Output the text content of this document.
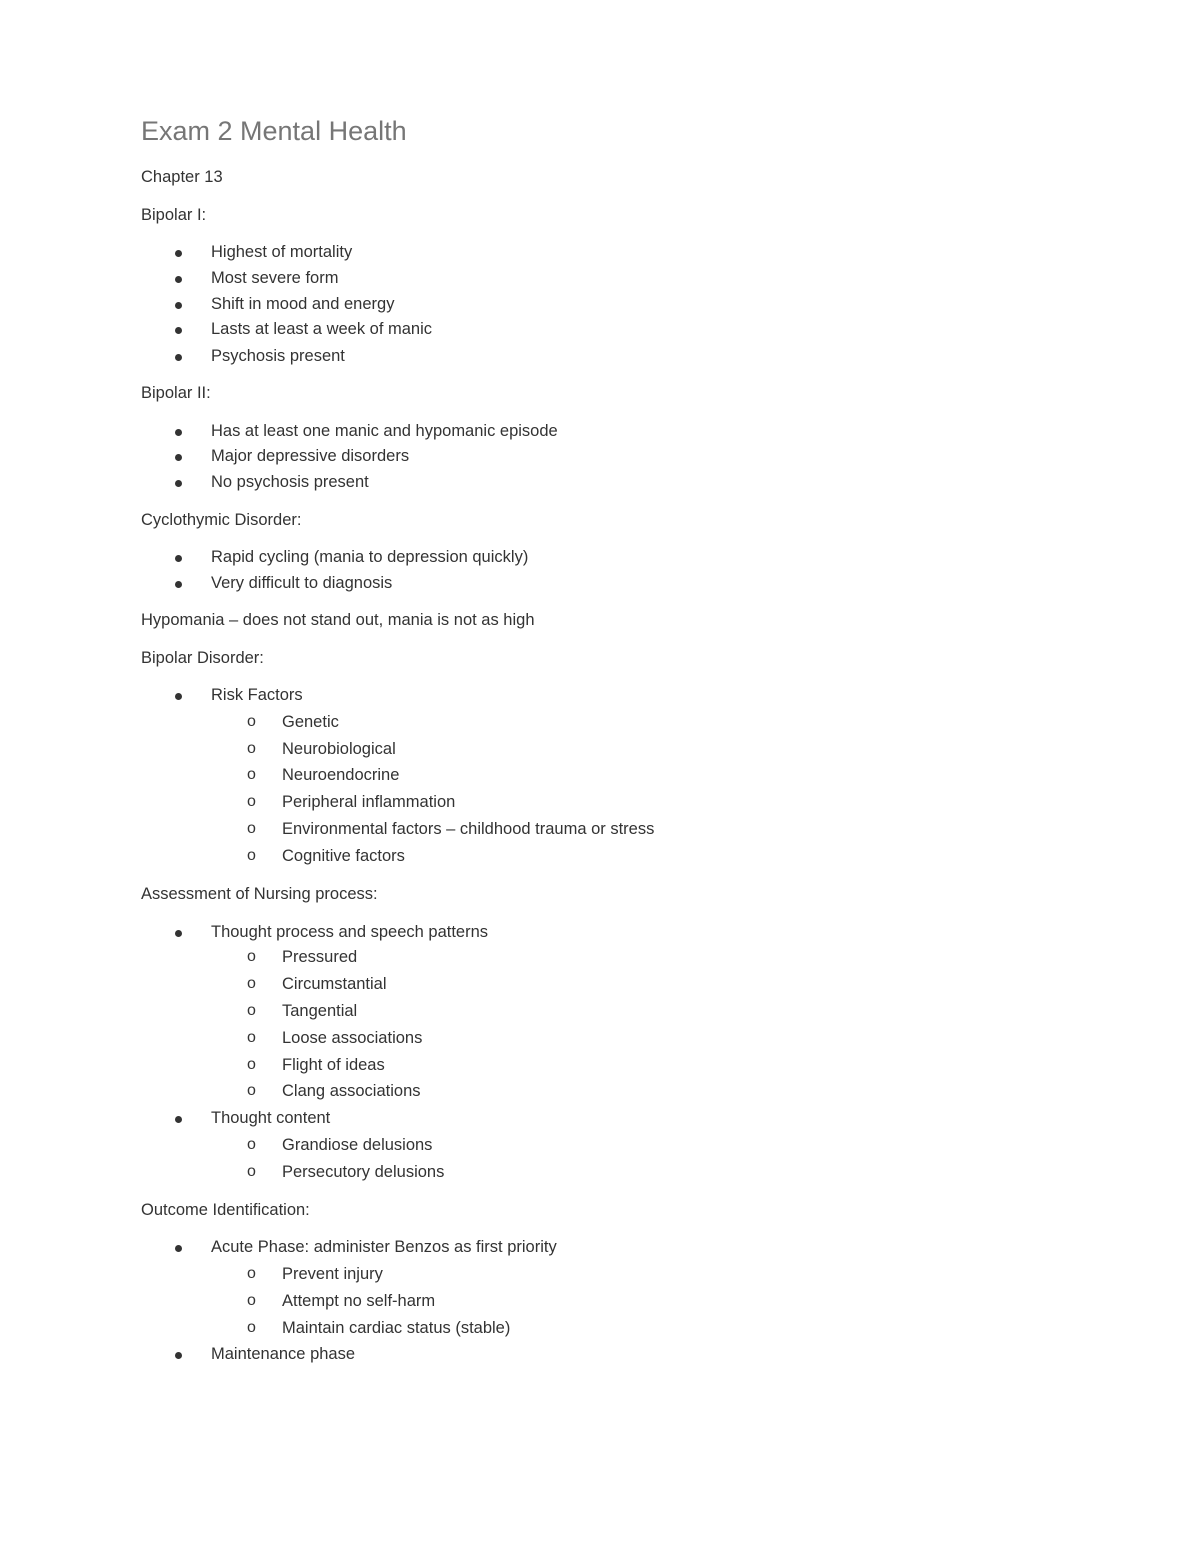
Exam 2 Mental Health
Chapter 13
Bipolar I:
Highest of mortality
Most severe form
Shift in mood and energy
Lasts at least a week of manic
Psychosis present
Bipolar II:
Has at least one manic and hypomanic episode
Major depressive disorders
No psychosis present
Cyclothymic Disorder:
Rapid cycling (mania to depression quickly)
Very difficult to diagnosis
Hypomania – does not stand out, mania is not as high
Bipolar Disorder:
Risk Factors
o Genetic
o Neurobiological
o Neuroendocrine
o Peripheral inflammation
o Environmental factors – childhood trauma or stress
o Cognitive factors
Assessment of Nursing process:
Thought process and speech patterns
o Pressured
o Circumstantial
o Tangential
o Loose associations
o Flight of ideas
o Clang associations
Thought content
o Grandiose delusions
o Persecutory delusions
Outcome Identification:
Acute Phase: administer Benzos as first priority
o Prevent injury
o Attempt no self-harm
o Maintain cardiac status (stable)
Maintenance phase
